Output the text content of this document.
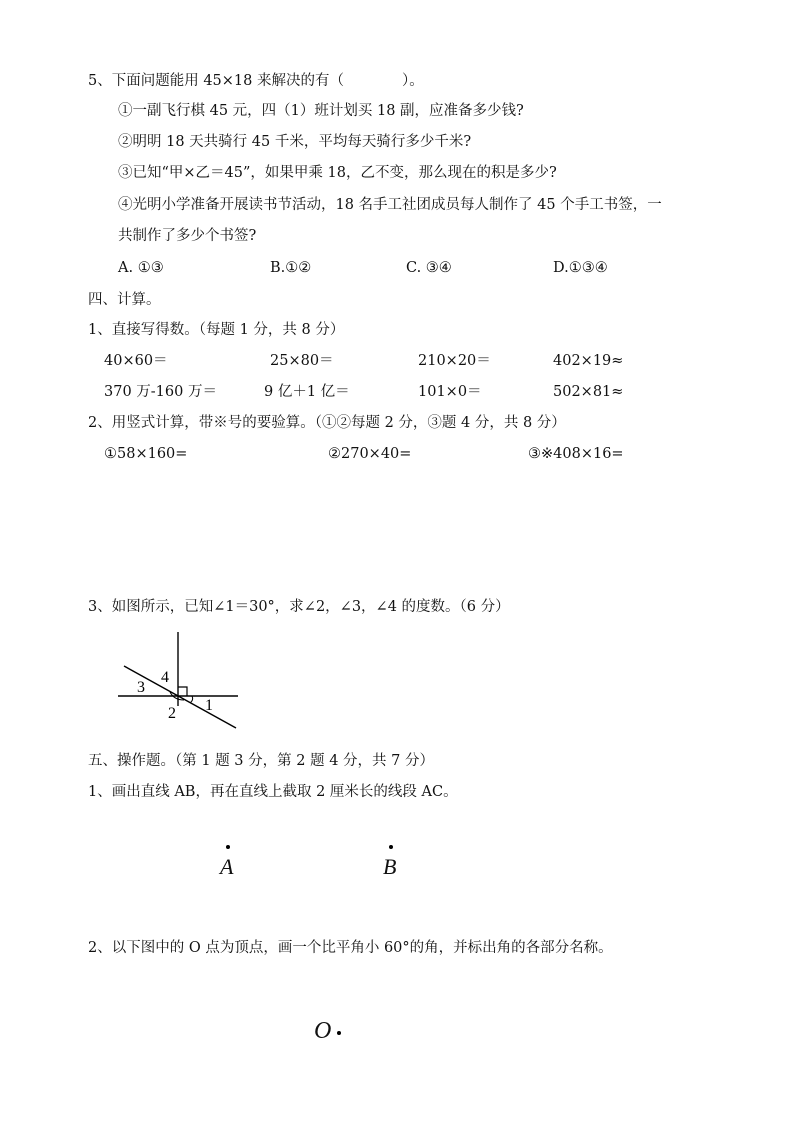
5、下面问题能用 45×18 来解决的有（　　　　）。
①一副飞行棋 45 元，四（1）班计划买 18 副，应准备多少钱?
②明明 18 天共骑行 45 千米，平均每天骑行多少千米?
③已知“甲×乙＝45”，如果甲乘 18，乙不变，那么现在的积是多少?
④光明小学准备开展读书节活动，18 名手工社团成员每人制作了 45 个手工书签，一
共制作了多少个书签?
A. ①③	B.①②	C. ③④	D.①③④
四、计算。
1、直接写得数。（每题 1 分，共 8 分）
40×60＝	25×80＝	210×20＝	402×19≈
370 万-160 万＝	9 亿＋1 亿＝	101×0＝	502×81≈
2、用竖式计算，带※号的要验算。（①②每题 2 分，③题 4 分，共 8 分）
①58×160=	②270×40=	③※408×16=
3、如图所示，已知∠1＝30°，求∠2，∠3，∠4 的度数。（6 分）
1
2
3
4
五、操作题。（第 1 题 3 分，第 2 题 4 分，共 7 分）
1、画出直线 AB，再在直线上截取 2 厘米长的线段 AC。
A	B
2、以下图中的 O 点为顶点，画一个比平角小 60°的角，并标出角的各部分名称。
O
